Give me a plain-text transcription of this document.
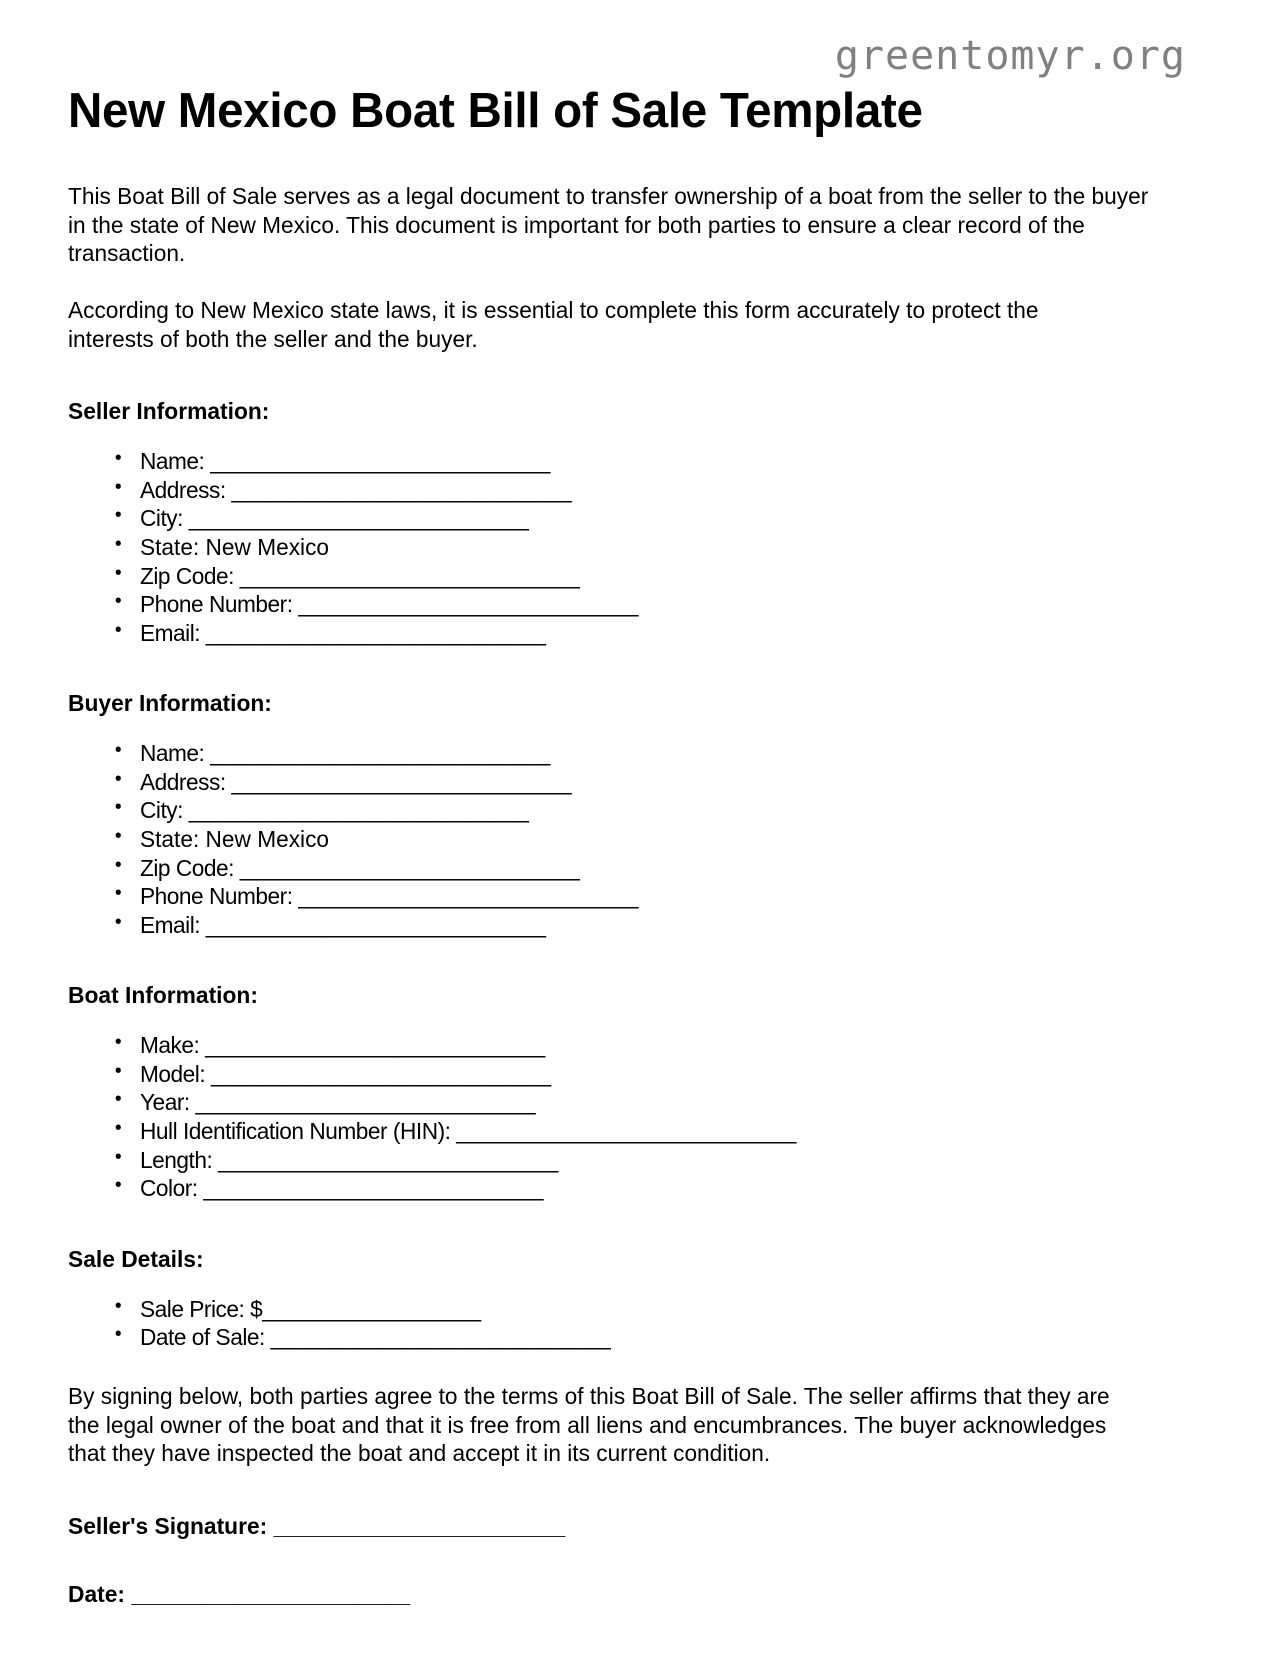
greentomyr.org
New Mexico Boat Bill of Sale Template

This Boat Bill of Sale serves as a legal document to transfer ownership of a boat from the seller to the buyer in the state of New Mexico. This document is important for both parties to ensure a clear record of the transaction.

According to New Mexico state laws, it is essential to complete this form accurately to protect the interests of both the seller and the buyer.

Seller Information:
• Name: ____________________________
• Address: ____________________________
• City: ____________________________
• State: New Mexico
• Zip Code: ____________________________
• Phone Number: ____________________________
• Email: ____________________________
Buyer Information:
• Name: ____________________________
• Address: ____________________________
• City: ____________________________
• State: New Mexico
• Zip Code: ____________________________
• Phone Number: ____________________________
• Email: ____________________________
Boat Information:
• Make: ____________________________
• Model: ____________________________
• Year: ____________________________
• Hull Identification Number (HIN): ____________________________
• Length: ____________________________
• Color: ____________________________
Sale Details:
• Sale Price: $__________________
• Date of Sale: ____________________________

By signing below, both parties agree to the terms of this Boat Bill of Sale. The seller affirms that they are the legal owner of the boat and that it is free from all liens and encumbrances. The buyer acknowledges that they have inspected the boat and accept it in its current condition.

Seller's Signature: _______________________

Date: ______________________
